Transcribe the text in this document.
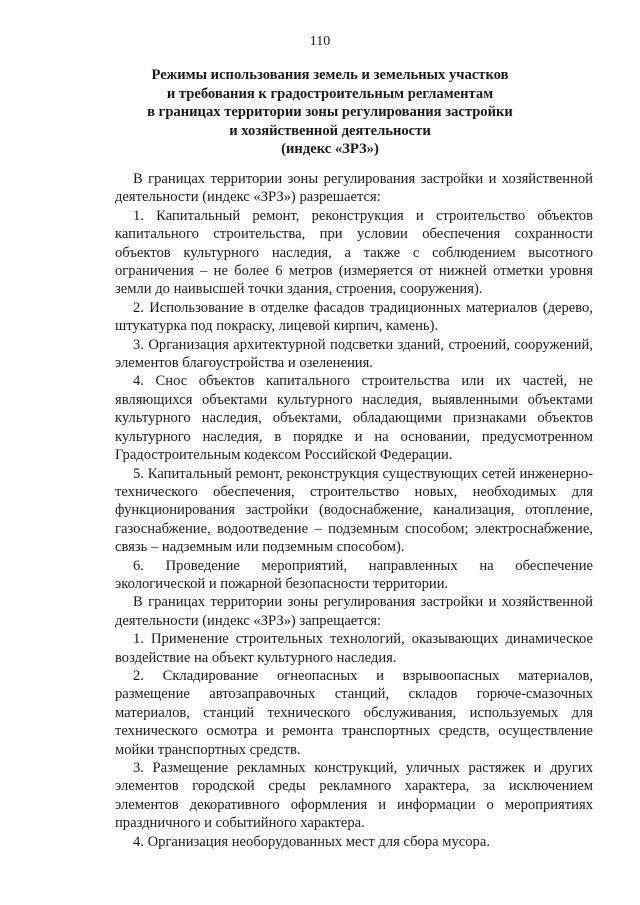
110
Режимы использования земель и земельных участков
и требования к градостроительным регламентам
в границах территории зоны регулирования застройки
и хозяйственной деятельности
(индекс «ЗРЗ»)
В границах территории зоны регулирования застройки и хозяйственной деятельности (индекс «ЗРЗ») разрешается:
1. Капитальный ремонт, реконструкция и строительство объектов капитального строительства, при условии обеспечения сохранности объектов культурного наследия, а также с соблюдением высотного ограничения – не более 6 метров (измеряется от нижней отметки уровня земли до наивысшей точки здания, строения, сооружения).
2. Использование в отделке фасадов традиционных материалов (дерево, штукатурка под покраску, лицевой кирпич, камень).
3. Организация архитектурной подсветки зданий, строений, сооружений, элементов благоустройства и озеленения.
4. Снос объектов капитального строительства или их частей, не являющихся объектами культурного наследия, выявленными объектами культурного наследия, объектами, обладающими признаками объектов культурного наследия, в порядке и на основании, предусмотренном Градостроительным кодексом Российской Федерации.
5. Капитальный ремонт, реконструкция существующих сетей инженерно-технического обеспечения, строительство новых, необходимых для функционирования застройки (водоснабжение, канализация, отопление, газоснабжение, водоотведение – подземным способом; электроснабжение, связь – надземным или подземным способом).
6. Проведение мероприятий, направленных на обеспечение экологической и пожарной безопасности территории.
В границах территории зоны регулирования застройки и хозяйственной деятельности (индекс «ЗРЗ») запрещается:
1. Применение строительных технологий, оказывающих динамическое воздействие на объект культурного наследия.
2. Складирование огнеопасных и взрывоопасных материалов, размещение автозаправочных станций, складов горюче-смазочных материалов, станций технического обслуживания, используемых для технического осмотра и ремонта транспортных средств, осуществление мойки транспортных средств.
3. Размещение рекламных конструкций, уличных растяжек и других элементов городской среды рекламного характера, за исключением элементов декоративного оформления и информации о мероприятиях праздничного и событийного характера.
4. Организация необорудованных мест для сбора мусора.
